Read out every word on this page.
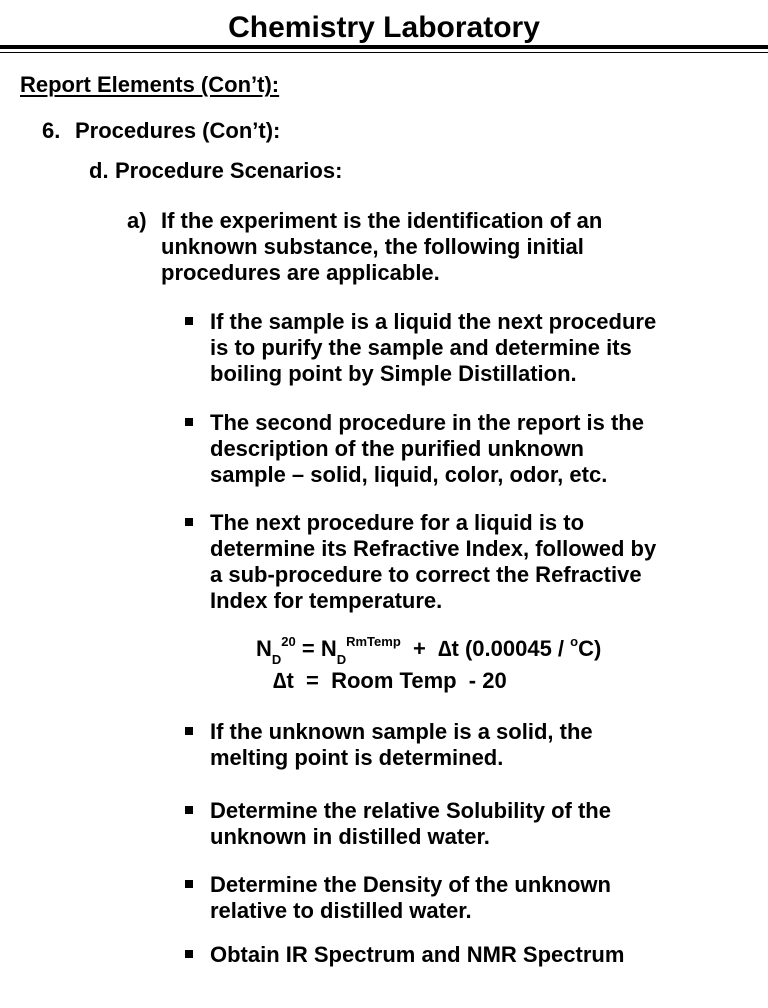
Chemistry Laboratory
Report Elements (Con’t):
6. Procedures (Con’t):
d. Procedure Scenarios:
a) If the experiment is the identification of an
unknown substance, the following initial
procedures are applicable.
If the sample is a liquid the next procedure
is to purify the sample and determine its
boiling point by Simple Distillation.
The second procedure in the report is the
description of the purified unknown
sample – solid, liquid, color, odor, etc.
The next procedure for a liquid is to
determine its Refractive Index, followed by
a sub-procedure to correct the Refractive
Index for temperature.
$N_D^{20} = N_D^{RmTemp} + \Delta t$ (0.00045 / $^o$C)
∆t  =  Room Temp  - 20
If the unknown sample is a solid, the
melting point is determined.
Determine the relative Solubility of the
unknown in distilled water.
Determine the Density of the unknown
relative to distilled water.
Obtain IR Spectrum and NMR Spectrum
